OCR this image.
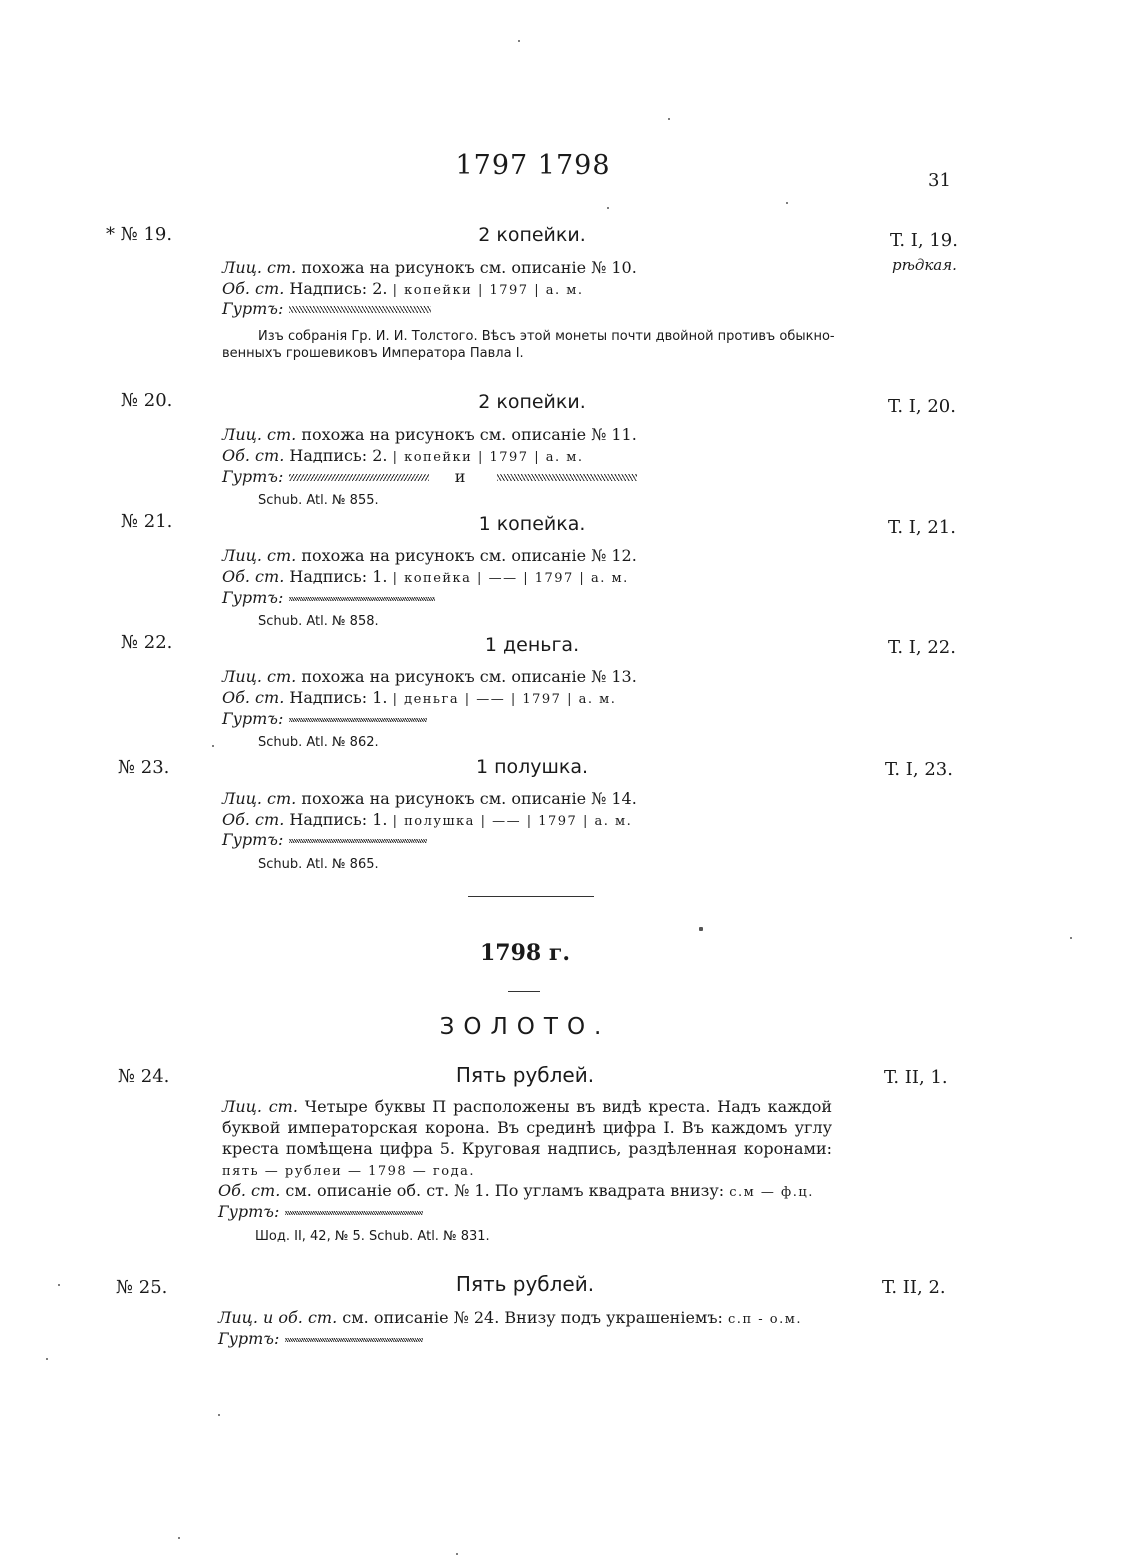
1797 1798	31
* № 19.	2 копейки.	T. I, 19.
рѣдкая.
Лиц. ст. похожа на рисунокъ см. описаніе № 10.
Об. ст. Надпись: 2. | копейки | 1797 | а. м.
Гуртъ:
Изъ собранія Гр. И. И. Толстого. Вѣсъ этой монеты почти двойной противъ обыкно-
венныхъ грошевиковъ Императора Павла I.
№ 20.	2 копейки.	T. I, 20.
Лиц. ст. похожа на рисунокъ см. описаніе № 11.
Об. ст. Надпись: 2. | копейки | 1797 | а. м.
Гуртъ:	и
Schub. Atl. № 855.
№ 21.	1 копейка.	T. I, 21.
Лиц. ст. похожа на рисунокъ см. описаніе № 12.
Об. ст. Надпись: 1. | копейка | —— | 1797 | а. м.
Гуртъ:
Schub. Atl. № 858.
№ 22.	1 деньга.	T. I, 22.
Лиц. ст. похожа на рисунокъ см. описаніе № 13.
Об. ст. Надпись: 1. | деньга | —— | 1797 | а. м.
Гуртъ:
Schub. Atl. № 862.
№ 23.	1 полушка.	T. I, 23.
Лиц. ст. похожа на рисунокъ см. описаніе № 14.
Об. ст. Надпись: 1. | полушка | —— | 1797 | а. м.
Гуртъ:
Schub. Atl. № 865.
1798 г.
ЗОЛОТО.
№ 24.	Пять рублей.	T. II, 1.
Лиц. ст. Четыре буквы П расположены въ видѣ креста. Надъ каждой буквой императорская корона. Въ срединѣ цифра I. Въ каждомъ углу креста помѣщена цифра 5. Круговая надпись, раздѣленная коронами: пять — рублеи — 1798 — года.
Об. ст. см. описаніе об. ст. № 1. По угламъ квадрата внизу: с.м — ф.ц.
Гуртъ:
Шод. II, 42, № 5. Schub. Atl. № 831.
№ 25.	Пять рублей.	T. II, 2.
Лиц. и об. ст. см. описаніе № 24. Внизу подъ украшеніемъ: с.п - о.м.
Гуртъ:
